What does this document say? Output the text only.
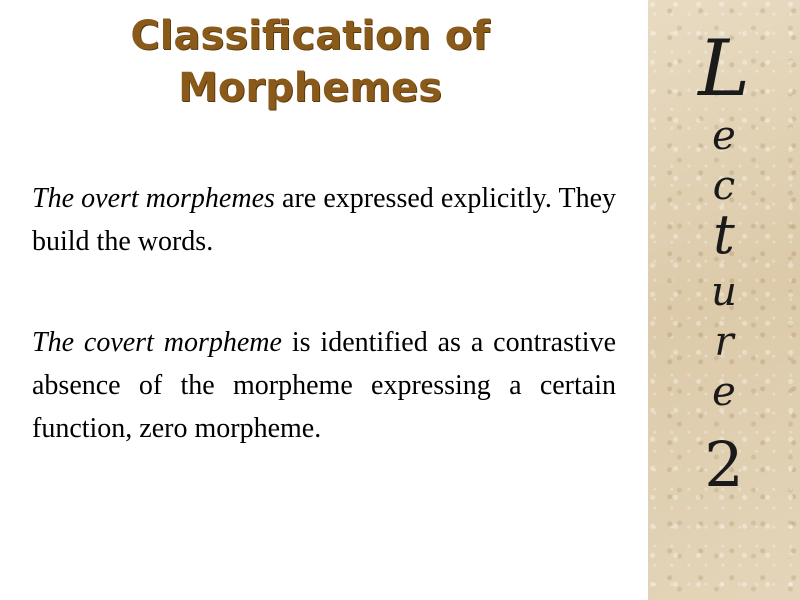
Classification of Morphemes

The overt morphemes are expressed explicitly. They build the words.

The covert morpheme is identified as a contrastive absence of the morpheme expressing a certain function, zero morpheme.

L
e
c
t
u
r
e
2
